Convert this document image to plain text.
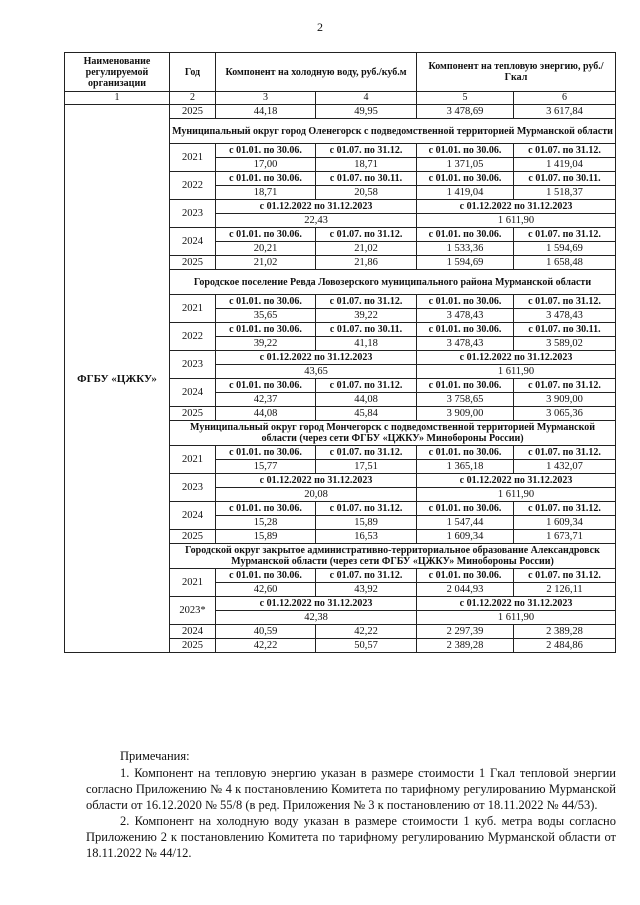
2
Наименование регулируемой организации	Год	Компонент на холодную воду, руб./куб.м		Компонент на тепловую энергию, руб./Гкал	
1	2	3	4	5	6
ФГБУ «ЦЖКУ»	2025	44,18	49,95	3 478,69	3 617,84
	Муниципальный округ город Оленегорск с подведомственной территорией Мурманской области				
	2021	с 01.01. по 30.06.	с 01.07. по 31.12.	с 01.01. по 30.06.	с 01.07. по 31.12.
		17,00	18,71	1 371,05	1 419,04
	2022	с 01.01. по 30.06.	с 01.07. по 30.11.	с 01.01. по 30.06.	с 01.07. по 30.11.
		18,71	20,58	1 419,04	1 518,37
	2023	с 01.12.2022 по 31.12.2023		с 01.12.2022 по 31.12.2023	
		22,43		1 611,90	
	2024	с 01.01. по 30.06.	с 01.07. по 31.12.	с 01.01. по 30.06.	с 01.07. по 31.12.
		20,21	21,02	1 533,36	1 594,69
	2025	21,02	21,86	1 594,69	1 658,48
	Городское поселение Ревда Ловозерского муниципального района Мурманской области				
	2021	с 01.01. по 30.06.	с 01.07. по 31.12.	с 01.01. по 30.06.	с 01.07. по 31.12.
		35,65	39,22	3 478,43	3 478,43
	2022	с 01.01. по 30.06.	с 01.07. по 30.11.	с 01.01. по 30.06.	с 01.07. по 30.11.
		39,22	41,18	3 478,43	3 589,02
	2023	с 01.12.2022 по 31.12.2023		с 01.12.2022 по 31.12.2023	
		43,65		1 611,90	
	2024	с 01.01. по 30.06.	с 01.07. по 31.12.	с 01.01. по 30.06.	с 01.07. по 31.12.
		42,37	44,08	3 758,65	3 909,00
	2025	44,08	45,84	3 909,00	3 065,36
	Муниципальный округ город Мончегорск с подведомственной территорией Мурманской области (через сети ФГБУ «ЦЖКУ» Минобороны России)				
	2021	с 01.01. по 30.06.	с 01.07. по 31.12.	с 01.01. по 30.06.	с 01.07. по 31.12.
		15,77	17,51	1 365,18	1 432,07
	2023	с 01.12.2022 по 31.12.2023		с 01.12.2022 по 31.12.2023	
		20,08		1 611,90	
	2024	с 01.01. по 30.06.	с 01.07. по 31.12.	с 01.01. по 30.06.	с 01.07. по 31.12.
		15,28	15,89	1 547,44	1 609,34
	2025	15,89	16,53	1 609,34	1 673,71
	Городской округ закрытое административно-территориальное образование Александровск Мурманской области (через сети ФГБУ «ЦЖКУ» Минобороны России)				
	2021	с 01.01. по 30.06.	с 01.07. по 31.12.	с 01.01. по 30.06.	с 01.07. по 31.12.
		42,60	43,92	2 044,93	2 126,11
	2023*	с 01.12.2022 по 31.12.2023		с 01.12.2022 по 31.12.2023	
		42,38		1 611,90	
	2024	40,59	42,22	2 297,39	2 389,28
	2025	42,22	50,57	2 389,28	2 484,86

Примечания:

1. Компонент на тепловую энергию указан в размере стоимости 1 Гкал тепловой энергии согласно Приложению № 4 к постановлению Комитета по тарифному регулированию Мурманской области от 16.12.2020 № 55/8 (в ред. Приложения № 3 к постановлению от 18.11.2022 № 44/53).

2. Компонент на холодную воду указан в размере стоимости 1 куб. метра воды согласно Приложению 2 к постановлению Комитета по тарифному регулированию Мурманской области от 18.11.2022 № 44/12.
